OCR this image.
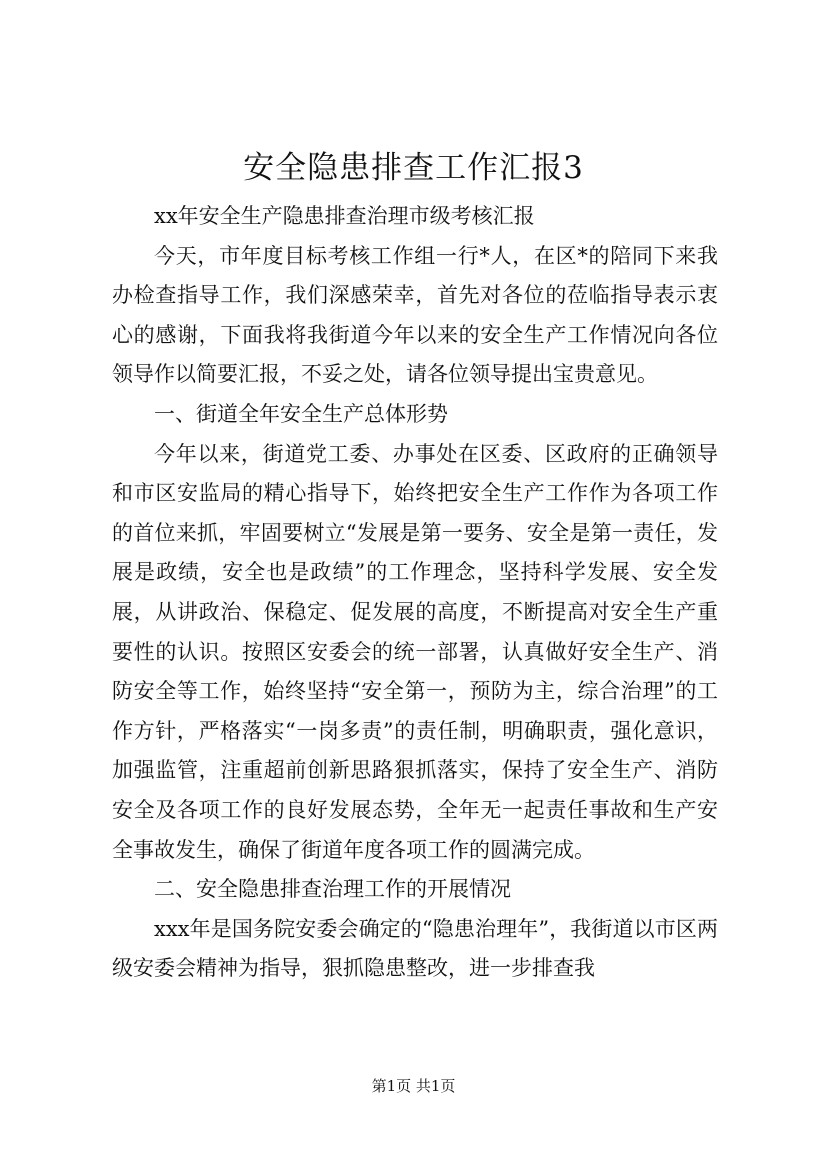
安全隐患排查工作汇报3

xx年安全生产隐患排查治理市级考核汇报

今天，市年度目标考核工作组一行*人，在区*的陪同下来我办检查指导工作，我们深感荣幸，首先对各位的莅临指导表示衷心的感谢，下面我将我街道今年以来的安全生产工作情况向各位领导作以简要汇报，不妥之处，请各位领导提出宝贵意见。

一、街道全年安全生产总体形势

今年以来，街道党工委、办事处在区委、区政府的正确领导和市区安监局的精心指导下，始终把安全生产工作作为各项工作的首位来抓，牢固要树立“发展是第一要务、安全是第一责任，发展是政绩，安全也是政绩”的工作理念，坚持科学发展、安全发展，从讲政治、保稳定、促发展的高度，不断提高对安全生产重要性的认识。按照区安委会的统一部署，认真做好安全生产、消防安全等工作，始终坚持“安全第一，预防为主，综合治理”的工作方针，严格落实“一岗多责”的责任制，明确职责，强化意识，加强监管，注重超前创新思路狠抓落实，保持了安全生产、消防安全及各项工作的良好发展态势，全年无一起责任事故和生产安全事故发生，确保了街道年度各项工作的圆满完成。

二、安全隐患排查治理工作的开展情况

xxx年是国务院安委会确定的“隐患治理年”，我街道以市区两级安委会精神为指导，狠抓隐患整改，进一步排查我

第1页 共1页
